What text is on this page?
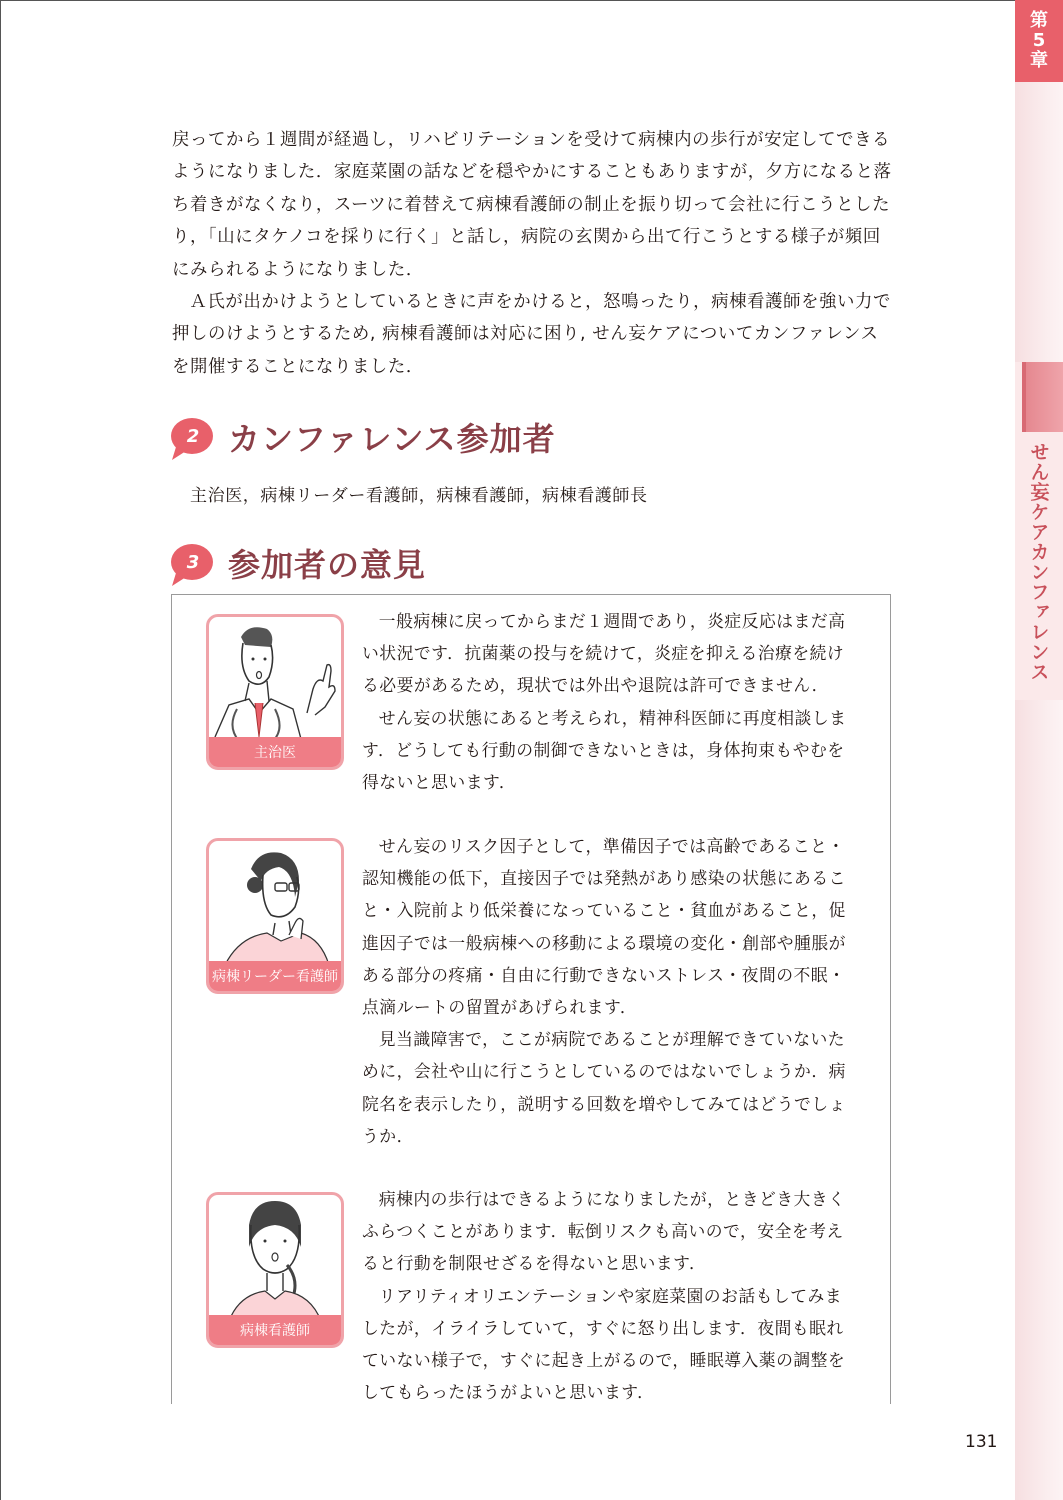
第
5
章
せん妄ケアカンファレンス

戻ってから１週間が経過し，リハビリテーションを受けて病棟内の歩行が安定してできるようになりました．家庭菜園の話などを穏やかにすることもありますが，夕方になると落ち着きがなくなり，スーツに着替えて病棟看護師の制止を振り切って会社に行こうとしたり，「山にタケノコを採りに行く」と話し，病院の玄関から出て行こうとする様子が頻回にみられるようになりました．

Ａ氏が出かけようとしているときに声をかけると，怒鳴ったり，病棟看護師を強い力で押しのけようとするため, 病棟看護師は対応に困り, せん妄ケアについてカンファレンスを開催することになりました．

2 カンファレンス参加者
主治医，病棟リーダー看護師，病棟看護師，病棟看護師長
3 参加者の意見
主治医

一般病棟に戻ってからまだ１週間であり，炎症反応はまだ高い状況です．抗菌薬の投与を続けて，炎症を抑える治療を続ける必要があるため，現状では外出や退院は許可できません．

せん妄の状態にあると考えられ，精神科医師に再度相談します．どうしても行動の制御できないときは，身体拘束もやむを得ないと思います．

病棟リーダー看護師

せん妄のリスク因子として，準備因子では高齢であること・認知機能の低下，直接因子では発熱があり感染の状態にあること・入院前より低栄養になっていること・貧血があること，促進因子では一般病棟への移動による環境の変化・創部や腫脹がある部分の疼痛・自由に行動できないストレス・夜間の不眠・点滴ルートの留置があげられます．

見当識障害で，ここが病院であることが理解できていないために，会社や山に行こうとしているのではないでしょうか．病院名を表示したり，説明する回数を増やしてみてはどうでしょうか．

病棟看護師

病棟内の歩行はできるようになりましたが，ときどき大きくふらつくことがあります．転倒リスクも高いので，安全を考えると行動を制限せざるを得ないと思います．

リアリティオリエンテーションや家庭菜園のお話もしてみましたが，イライラしていて，すぐに怒り出します．夜間も眠れていない様子で，すぐに起き上がるので，睡眠導入薬の調整をしてもらったほうがよいと思います．

131
